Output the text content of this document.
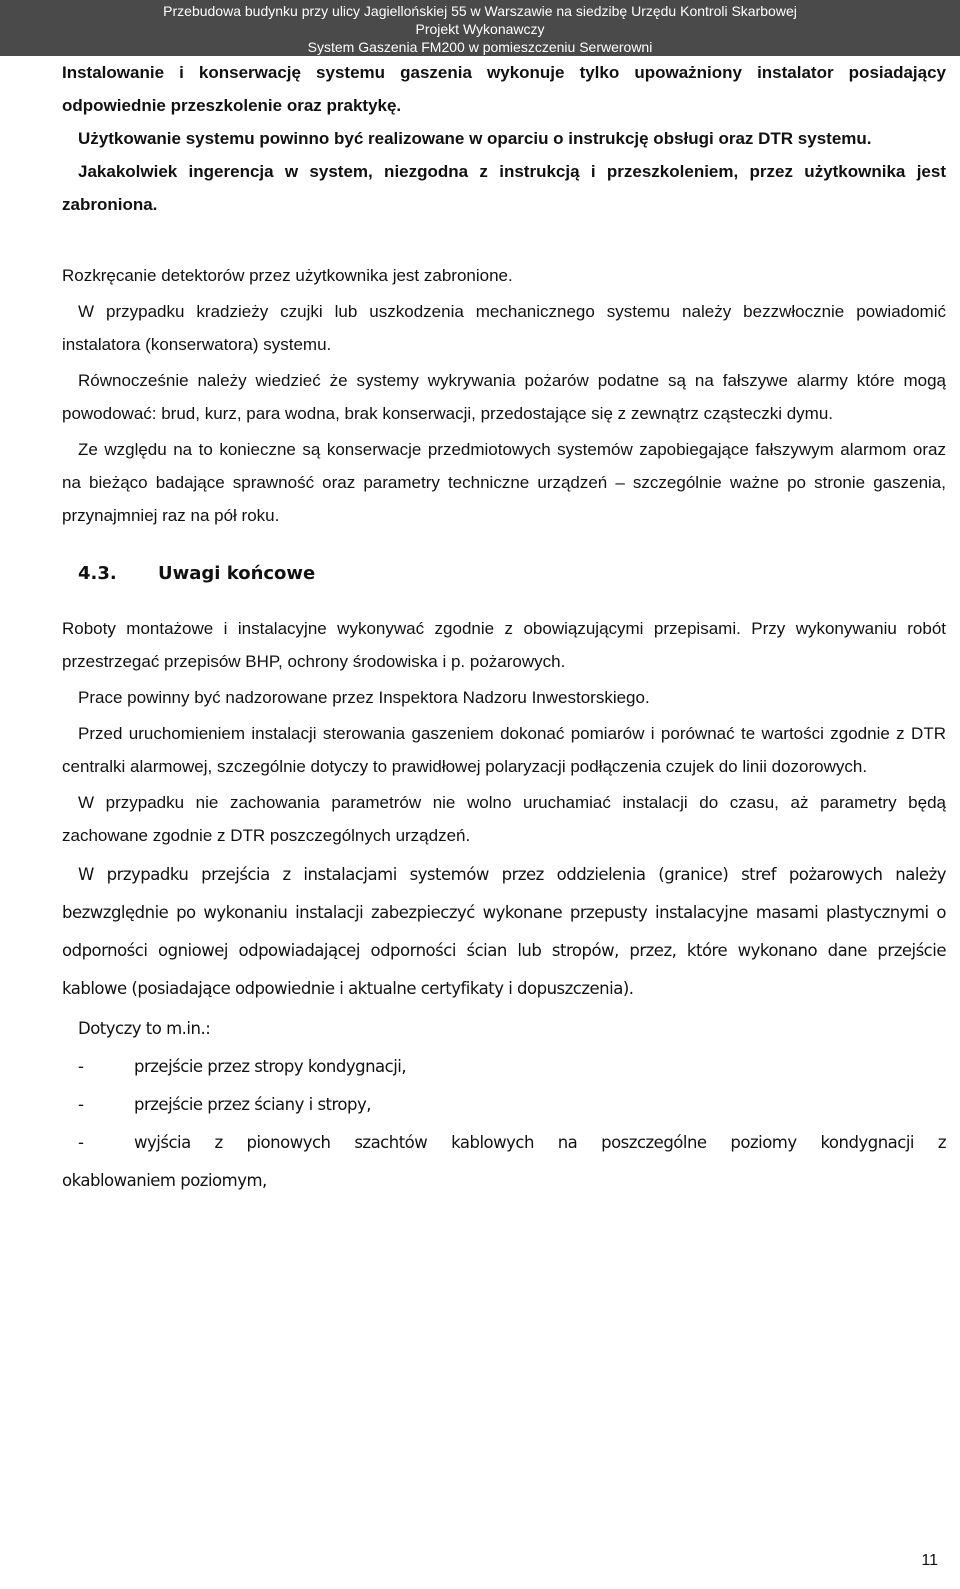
Przebudowa budynku przy ulicy Jagiellońskiej 55 w Warszawie na siedzibę Urzędu Kontroli Skarbowej
Projekt Wykonawczy
System Gaszenia FM200 w pomieszczeniu Serwerowni

Instalowanie i konserwację systemu gaszenia wykonuje tylko upoważniony instalator posiadający odpowiednie przeszkolenie oraz praktykę.

Użytkowanie systemu powinno być realizowane w oparciu o instrukcję obsługi oraz DTR systemu.

Jakakolwiek ingerencja w system, niezgodna z instrukcją i przeszkoleniem, przez użytkownika jest zabroniona.

Rozkręcanie detektorów przez użytkownika jest zabronione.

W przypadku kradzieży czujki lub uszkodzenia mechanicznego systemu należy bezzwłocznie powiadomić instalatora (konserwatora) systemu.

Równocześnie należy wiedzieć że systemy wykrywania pożarów podatne są na fałszywe alarmy które mogą powodować: brud, kurz, para wodna, brak konserwacji, przedostające się z zewnątrz cząsteczki dymu.

Ze względu na to konieczne są konserwacje przedmiotowych systemów zapobiegające fałszywym alarmom oraz na bieżąco badające sprawność oraz parametry techniczne urządzeń – szczególnie ważne po stronie gaszenia, przynajmniej raz na pół roku.

4.3. Uwagi końcowe

Roboty montażowe i instalacyjne wykonywać zgodnie z obowiązującymi przepisami. Przy wykonywaniu robót przestrzegać przepisów BHP, ochrony środowiska i p. pożarowych.

Prace powinny być nadzorowane przez Inspektora Nadzoru Inwestorskiego.

Przed uruchomieniem instalacji sterowania gaszeniem dokonać pomiarów i porównać te wartości zgodnie z DTR centralki alarmowej, szczególnie dotyczy to prawidłowej polaryzacji podłączenia czujek do linii dozorowych.

W przypadku nie zachowania parametrów nie wolno uruchamiać instalacji do czasu, aż parametry będą zachowane zgodnie z DTR poszczególnych urządzeń.

W przypadku przejścia z instalacjami systemów przez oddzielenia (granice) stref pożarowych należy bezwzględnie po wykonaniu instalacji zabezpieczyć wykonane przepusty instalacyjne masami plastycznymi o odporności ogniowej odpowiadającej odporności ścian lub stropów, przez, które wykonano dane przejście kablowe (posiadające odpowiednie i aktualne certyfikaty i dopuszczenia).

Dotyczy to m.in.:

-	przejście przez stropy kondygnacji,
-	przejście przez ściany i stropy,
-	wyjścia z pionowych szachtów kablowych na poszczególne poziomy kondygnacji z
okablowaniem poziomym,
11
